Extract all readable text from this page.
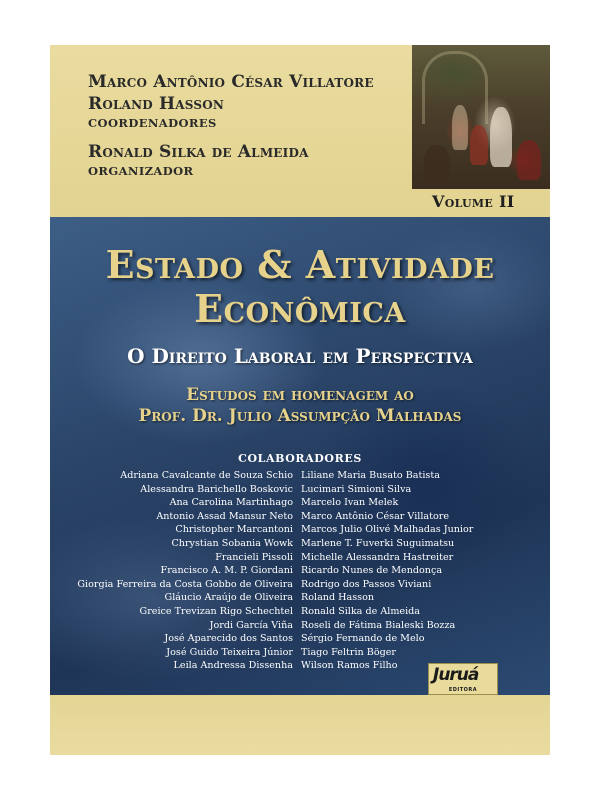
Marco Antônio César Villatore
Roland Hasson
COORDENADORES
Ronald Silka de Almeida
ORGANIZADOR
Volume II
Estado & Atividade
Econômica
O Direito Laboral em Perspectiva
Estudos em homenagem ao
Prof. Dr. Julio Assumpção Malhadas
COLABORADORES
Adriana Cavalcante de Souza Schio
Alessandra Barichello Boskovic
Ana Carolina Martinhago
Antonio Assad Mansur Neto
Christopher Marcantoni
Chrystian Sobania Wowk
Francieli Pissoli
Francisco A. M. P. Giordani
Giorgia Ferreira da Costa Gobbo de Oliveira
Gláucio Araújo de Oliveira
Greice Trevizan Rigo Schechtel
Jordi García Viña
José Aparecido dos Santos
José Guido Teixeira Júnior
Leila Andressa Dissenha
Liliane Maria Busato Batista
Lucimari Simioni Silva
Marcelo Ivan Melek
Marco Antônio César Villatore
Marcos Julio Olivé Malhadas Junior
Marlene T. Fuverki Suguimatsu
Michelle Alessandra Hastreiter
Ricardo Nunes de Mendonça
Rodrigo dos Passos Viviani
Roland Hasson
Ronald Silka de Almeida
Roseli de Fátima Bialeski Bozza
Sérgio Fernando de Melo
Tiago Feltrin Böger
Wilson Ramos Filho	Juruá
EDITORA
